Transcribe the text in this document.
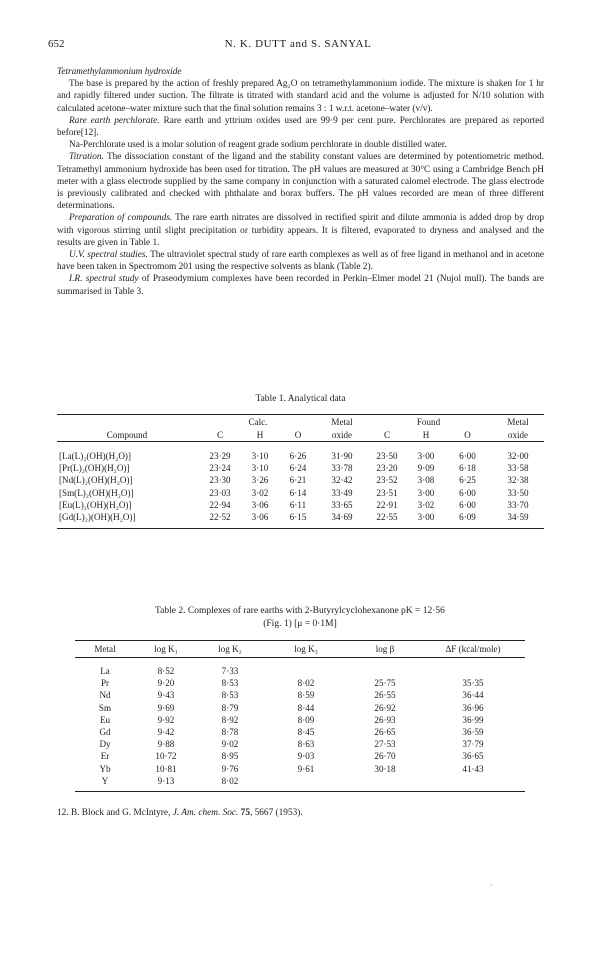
652	N. K. DUTT and S. SANYAL

Tetramethylammonium hydroxide

The base is prepared by the action of freshly prepared Ag₂O on tetramethylammonium iodide. The mixture is shaken for 1 hr and rapidly filtered under suction. The filtrate is titrated with standard acid and the volume is adjusted for N/10 solution with calculated acetone–water mixture such that the final solution remains 3 : 1 w.r.t. acetone–water (v/v).

Rare earth perchlorate. Rare earth and yttrium oxides used are 99·9 per cent pure. Perchlorates are prepared as reported before[12].

Na-Perchlorate used is a molar solution of reagent grade sodium perchlorate in double distilled water.

Titration. The dissociation constant of the ligand and the stability constant values are determined by potentiometric method. Tetramethyl ammonium hydroxide has been used for titration. The pH values are measured at 30°C using a Cambridge Bench pH meter with a glass electrode supplied by the same company in conjunction with a saturated calomel electrode. The glass electrode is previously calibrated and checked with phthalate and borax buffers. The pH values recorded are mean of three different determinations.

Preparation of compounds. The rare earth nitrates are dissolved in rectified spirit and dilute ammonia is added drop by drop with vigorous stirring until slight precipitation or turbidity appears. It is filtered, evaporated to dryness and analysed and the results are given in Table 1.

U.V. spectral studies. The ultraviolet spectral study of rare earth complexes as well as of free ligand in methanol and in acetone have been taken in Spectromom 201 using the respective solvents as blank (Table 2).

I.R. spectral study of Praseodymium complexes have been recorded in Perkin–Elmer model 21 (Nujol mull). The bands are summarised in Table 3.

Table 1. Analytical data

	Calc.			Metal	Found			Metal
Compound	C	H	O	oxide	C	H	O	oxide
[La(L)₂(OH)(H₂O)]	23·29	3·10	6·26	31·90	23·50	3·00	6·00	32·00
[Pr(L)₂(OH)(H₂O)]	23·24	3·10	6·24	33·78	23·20	9·09	6·18	33·58
[Nd(L)₂(OH)(H₂O)]	23·30	3·26	6·21	32·42	23·52	3·08	6·25	32·38
[Sm(L)₂(OH)(H₂O)]	23·03	3·02	6·14	33·49	23·51	3·00	6·00	33·50
[Eu(L)₂(OH)(H₂O)]	22·94	3·06	6·11	33·65	22·91	3·02	6·00	33·70
[Gd(L)₂)(OH)(H₂O)]	22·52	3·06	6·15	34·69	22·55	3·00	6·09	34·59
Table 2. Complexes of rare earths with 2-Butyrylcyclohexanone pK = 12·56
(Fig. 1) [μ = 0·1M]
Metal	log K₁	log K₂	log K₃	log β	ΔF (kcal/mole)
La	8·52	7·33			
Pr	9·20	8·53	8·02	25·75	35·35
Nd	9·43	8·53	8·59	26·55	36·44
Sm	9·69	8·79	8·44	26·92	36·96
Eu	9·92	8·92	8·09	26·93	36·99
Gd	9·42	8·78	8·45	26·65	36·59
Dy	9·88	9·02	8·63	27·53	37·79
Er	10·72	8·95	9·03	26·70	36·65
Yb	10·81	9·76	9·61	30·18	41·43
Y	9·13	8·02			
12. B. Block and G. McIntyre, J. Am. chem. Soc. 75, 5667 (1953).
